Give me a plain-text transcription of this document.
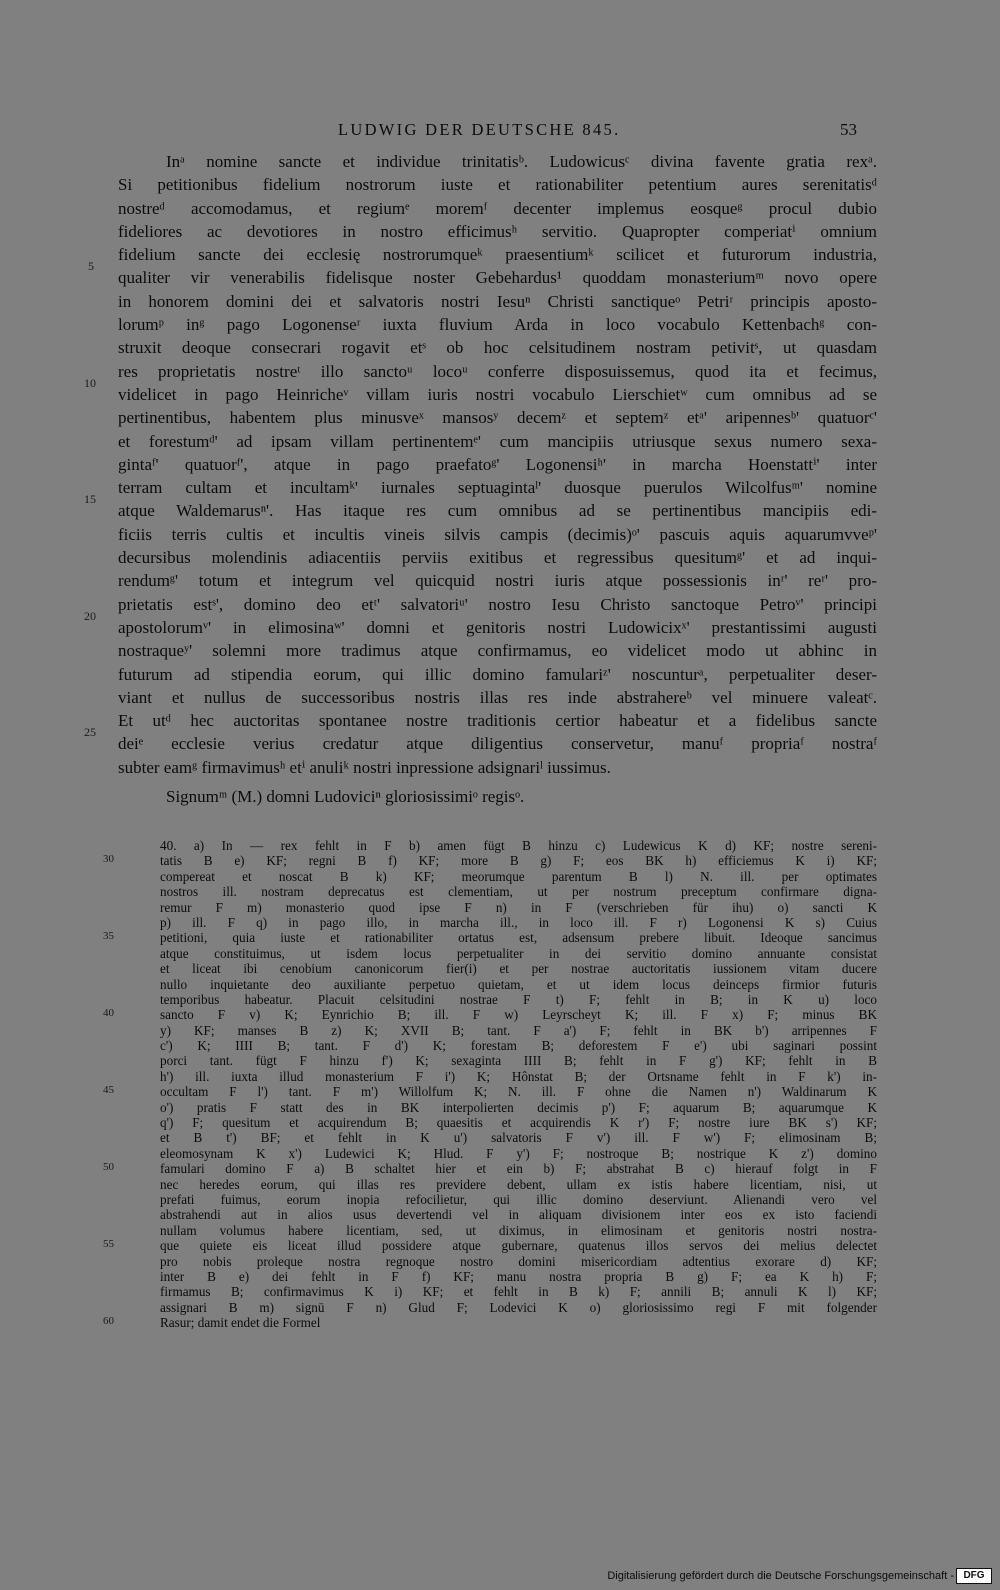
LUDWIG DER DEUTSCHE 845.	53
5
10
15
20
25
30
35
40
45
50
55
60
Inᵃ nomine sancte et individue trinitatisᵇ. Ludowicusᶜ divina favente gratia rexᵃ.
Si petitionibus fidelium nostrorum iuste et rationabiliter petentium aures serenitatisᵈ
nostreᵈ accomodamus, et regiumᵉ moremᶠ decenter implemus eosqueᵍ procul dubio
fideliores ac devotiores in nostro efficimusʰ servitio. Quapropter comperiatⁱ omnium
fidelium sancte dei ecclesię nostrorumqueᵏ praesentiumᵏ scilicet et futurorum industria,
qualiter vir venerabilis fidelisque noster Gebehardus¹ quoddam monasteriumᵐ novo opere
in honorem domini dei et salvatoris nostri Iesuⁿ Christi sanctiqueᵒ Petriʳ principis aposto-
lorumᵖ inᵍ pago Logonenseʳ iuxta fluvium Arda in loco vocabulo Kettenbachᵍ con-
struxit deoque consecrari rogavit etˢ ob hoc celsitudinem nostram petivitˢ, ut quasdam
res proprietatis nostreᵗ illo sanctoᵘ locoᵘ conferre disposuissemus, quod ita et fecimus,
videlicet in pago Heinricheᵛ villam iuris nostri vocabulo Lierschietʷ cum omnibus ad se
pertinentibus, habentem plus minusveˣ mansosʸ decemᶻ et septemᶻ etᵃ' aripennesᵇ' quatuorᶜ'
et forestumᵈ' ad ipsam villam pertinentemᵉ' cum mancipiis utriusque sexus numero sexa-
gintaᶠ' quatuorᶠ', atque in pago praefatoᵍ' Logonensiʰ' in marcha Hoenstattⁱ' inter
terram cultam et incultamᵏ' iurnales septuagintaˡ' duosque puerulos Wilcolfusᵐ' nomine
atque Waldemarusⁿ'. Has itaque res cum omnibus ad se pertinentibus mancipiis edi-
ficiis terris cultis et incultis vineis silvis campis (decimis)ᵒ' pascuis aquis aquarumvveᵖ'
decursibus molendinis adiacentiis perviis exitibus et regressibus quesitumᵍ' et ad inqui-
rendumᵍ' totum et integrum vel quicquid nostri iuris atque possessionis inʳ' reʳ' pro-
prietatis estˢ', domino deo etᵗ' salvatoriᵘ' nostro Iesu Christo sanctoque Petroᵛ' principi
apostolorumᵛ' in elimosinaʷ' domni et genitoris nostri Ludowicixˣ' prestantissimi augusti
nostraqueʸ' solemni more tradimus atque confirmamus, eo videlicet modo ut abhinc in
futurum ad stipendia eorum, qui illic domino famulariᶻ' noscunturᵃ, perpetualiter deser-
viant et nullus de successoribus nostris illas res inde abstrahereᵇ vel minuere valeatᶜ.
Et utᵈ hec auctoritas spontanee nostre traditionis certior habeatur et a fidelibus sancte
deiᵉ ecclesie verius credatur atque diligentius conservetur, manuᶠ propriaᶠ nostraᶠ
subter eamᵍ firmavimusʰ etⁱ anuliᵏ nostri inpressione adsignariˡ iussimus.
Signumᵐ (M.) domni Ludoviciⁿ gloriosissimiᵒ regisᵒ.
40. a) In — rex fehlt in F b) amen fügt B hinzu c) Ludewicus K d) KF; nostre sereni-
tatis B e) KF; regni B f) KF; more B g) F; eos BK h) efficiemus K i) KF;
compereat et noscat B k) KF; meorumque parentum B l) N. ill. per optimates
nostros ill. nostram deprecatus est clementiam, ut per nostrum preceptum confirmare digna-
remur F m) monasterio quod ipse F n) in F (verschrieben für ihu) o) sancti K
p) ill. F q) in pago illo, in marcha ill., in loco ill. F r) Logonensi K s) Cuius
petitioni, quia iuste et rationabiliter ortatus est, adsensum prebere libuit. Ideoque sancimus
atque constituimus, ut isdem locus perpetualiter in dei servitio domino annuante consistat
et liceat ibi cenobium canonicorum fier(i) et per nostrae auctoritatis iussionem vitam ducere
nullo inquietante deo auxiliante perpetuo quietam, et ut idem locus deinceps firmior futuris
temporibus habeatur. Placuit celsitudini nostrae F t) F; fehlt in B; in K u) loco
sancto F v) K; Eynrichio B; ill. F w) Leyrscheyt K; ill. F x) F; minus BK
y) KF; manses B z) K; XVII B; tant. F a') F; fehlt in BK b') arripennes F
c') K; IIII B; tant. F d') K; forestam B; deforestem F e') ubi saginari possint
porci tant. fügt F hinzu f') K; sexaginta IIII B; fehlt in F g') KF; fehlt in B
h') ill. iuxta illud monasterium F i') K; Hônstat B; der Ortsname fehlt in F k') in-
occultam F l') tant. F m') Willolfum K; N. ill. F ohne die Namen n') Waldinarum K
o') pratis F statt des in BK interpolierten decimis p') F; aquarum B; aquarumque K
q') F; quesitum et acquirendum B; quaesitis et acquirendis K r') F; nostre iure BK s') KF;
et B t') BF; et fehlt in K u') salvatoris F v') ill. F w') F; elimosinam B;
eleomosynam K x') Ludewici K; Hlud. F y') F; nostroque B; nostrique K z') domino
famulari domino F a) B schaltet hier et ein b) F; abstrahat B c) hierauf folgt in F
nec heredes eorum, qui illas res previdere debent, ullam ex istis habere licentiam, nisi, ut
prefati fuimus, eorum inopia refocilietur, qui illic domino deserviunt. Alienandi vero vel
abstrahendi aut in alios usus devertendi vel in aliquam divisionem inter eos ex isto faciendi
nullam volumus habere licentiam, sed, ut diximus, in elimosinam et genitoris nostri nostra-
que quiete eis liceat illud possidere atque gubernare, quatenus illos servos dei melius delectet
pro nobis proleque nostra regnoque nostro domini misericordiam adtentius exorare d) KF;
inter B e) dei fehlt in F f) KF; manu nostra propria B g) F; ea K h) F;
firmamus B; confirmavimus K i) KF; et fehlt in B k) F; annili B; annuli K l) KF;
assignari B m) signū F n) Glud F; Lodevici K o) gloriosissimo regi F mit folgender
Rasur; damit endet die Formel
Digitalisierung gefördert durch die Deutsche Forschungsgemeinschaft - DFG
